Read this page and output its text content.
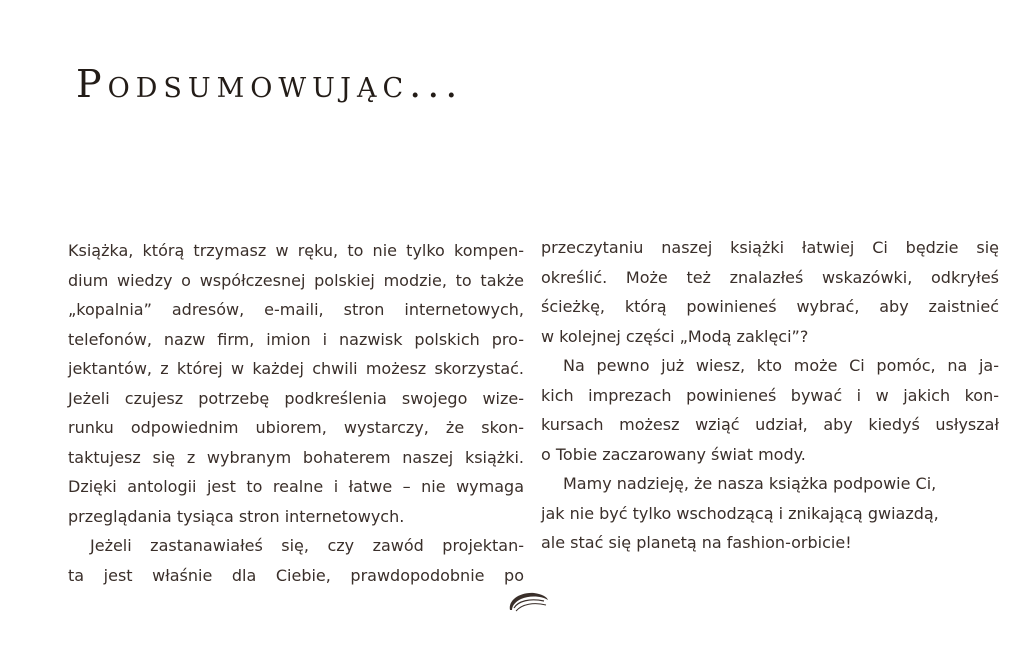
Podsumowując...
Książka, którą trzymasz w ręku, to nie tylko kompen-
dium wiedzy o współczesnej polskiej modzie, to także
„kopalnia” adresów, e-maili, stron internetowych,
telefonów, nazw firm, imion i nazwisk polskich pro-
jektantów, z której w każdej chwili możesz skorzystać.
Jeżeli czujesz potrzebę podkreślenia swojego wize-
runku odpowiednim ubiorem, wystarczy, że skon-
taktujesz się z wybranym bohaterem naszej książki.
Dzięki antologii jest to realne i łatwe – nie wymaga
przeglądania tysiąca stron internetowych.
Jeżeli zastanawiałeś się, czy zawód projektan-
ta jest właśnie dla Ciebie, prawdopodobnie po
przeczytaniu naszej książki łatwiej Ci będzie się
określić. Może też znalazłeś wskazówki, odkryłeś
ścieżkę, którą powinieneś wybrać, aby zaistnieć
w kolejnej części „Modą zaklęci”?
Na pewno już wiesz, kto może Ci pomóc, na ja-
kich imprezach powinieneś bywać i w jakich kon-
kursach możesz wziąć udział, aby kiedyś usłyszał
o Tobie zaczarowany świat mody.
Mamy nadzieję, że nasza książka podpowie Ci,
jak nie być tylko wschodzącą i znikającą gwiazdą,
ale stać się planetą na fashion-orbicie!
